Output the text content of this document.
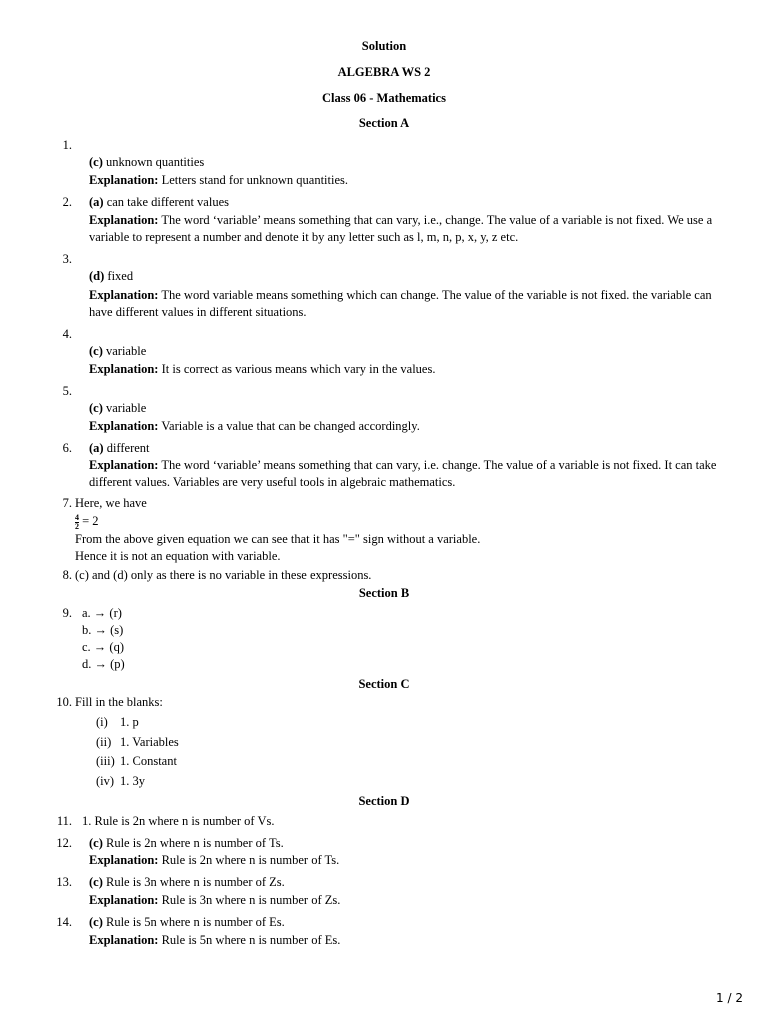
Solution
ALGEBRA WS 2
Class 06 - Mathematics
Section A
1.
(c) unknown quantities
Explanation: Letters stand for unknown quantities.
2. (a) can take different values
Explanation: The word ‘variable’ means something that can vary, i.e., change. The value of a variable is not fixed. We use a variable to represent a number and denote it by any letter such as l, m, n, p, x, y, z etc.
3.
(d) fixed
Explanation: The word variable means something which can change. The value of the variable is not fixed. the variable can have different values in different situations.
4.
(c) variable
Explanation: It is correct as various means which vary in the values.
5.
(c) variable
Explanation: Variable is a value that can be changed accordingly.
6. (a) different
Explanation: The word ‘variable’ means something that can vary, i.e. change. The value of a variable is not fixed. It can take different values. Variables are very useful tools in algebraic mathematics.
7. Here, we have
$\frac{4}{2} = 2$
From the above given equation we can see that it has "=" sign without a variable.
Hence it is not an equation with variable.
8. (c) and (d) only as there is no variable in these expressions.
Section B
9. a. → (r)
b. → (s)
c. → (q)
d. → (p)
Section C
10. Fill in the blanks:
(i) 1. p
(ii) 1. Variables
(iii) 1. Constant
(iv) 1. 3y
Section D
11. 1. Rule is 2n where n is number of Vs.
12. (c) Rule is 2n where n is number of Ts.
Explanation: Rule is 2n where n is number of Ts.
13. (c) Rule is 3n where n is number of Zs.
Explanation: Rule is 3n where n is number of Zs.
14. (c) Rule is 5n where n is number of Es.
Explanation: Rule is 5n where n is number of Es.
1 / 2
